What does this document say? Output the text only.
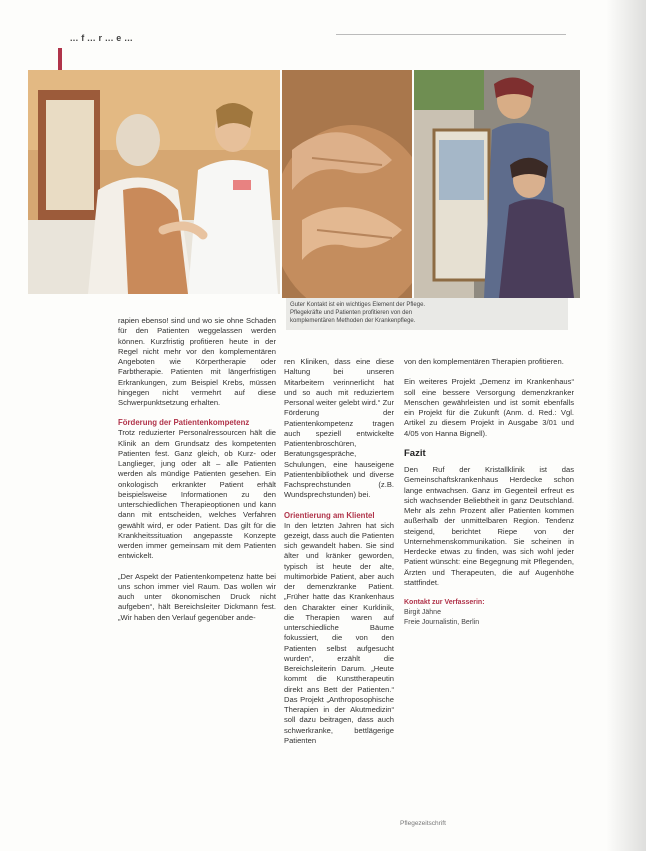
... f ... r ... e ...
Guter Kontakt ist ein wichtiges Element der Pflege.
Pflegekräfte und Patienten profitieren von den
komplementären Methoden der Krankenpflege.

rapien ebenso! sind und wo sie ohne Schaden für den Patienten weggelassen werden können. Kurzfristig profitieren heute in der Regel nicht mehr vor den komplementären Angeboten wie Körpertherapie oder Farbtherapie. Patienten mit längerfristigen Erkrankungen, zum Beispiel Krebs, müssen hingegen nicht vermehrt auf diese Schwerpunktsetzung erhalten.

Förderung der Patientenkompetenz

Trotz reduzierter Personalressourcen hält die Klinik an dem Grundsatz des kompetenten Patienten fest. Ganz gleich, ob Kurz- oder Langlieger, jung oder alt – alle Patienten werden als mündige Patienten gesehen. Ein onkologisch erkrankter Patient erhält beispielsweise Informationen zu den unterschiedlichen Therapieoptionen und kann dann mit entscheiden, welches Verfahren gewählt wird, er oder Patient. Das gilt für die Krankheitssituation angepasste Konzepte werden immer gemeinsam mit dem Patienten entwickelt.

„Der Aspekt der Patientenkompetenz hatte bei uns schon immer viel Raum. Das wollen wir auch unter ökonomischen Druck nicht aufgeben“, hält Bereichsleiter Dickmann fest. „Wir haben den Verlauf gegenüber ande-

ren Kliniken, dass eine diese Haltung bei unseren Mitarbeitern verinnerlicht hat und so auch mit reduziertem Personal weiter gelebt wird.“ Zur Förderung der Patientenkompetenz tragen auch speziell entwickelte Patientenbroschüren, Beratungsgespräche, Schulungen, eine hauseigene Patientenbibliothek und diverse Fachsprechstunden (z.B. Wundsprechstunden) bei.

Orientierung am Klientel

In den letzten Jahren hat sich gezeigt, dass auch die Patienten sich gewandelt haben. Sie sind älter und kränker geworden, typisch ist heute der alte, multimorbide Patient, aber auch der demenzkranke Patient. „Früher hatte das Krankenhaus den Charakter einer Kurklinik, die Therapien waren auf unterschiedliche Bäume fokussiert, die von den Patienten selbst aufgesucht wurden“, erzählt die Bereichsleiterin Darum. „Heute kommt die Kunsttherapeutin direkt ans Bett der Patienten.“ Das Projekt „Anthroposophische Therapien in der Akutmedizin“ soll dazu beitragen, dass auch schwerkranke, bettlägerige Patienten

von den komplementären Therapien profitieren.

Ein weiteres Projekt „Demenz im Krankenhaus“ soll eine bessere Versorgung demenzkranker Menschen gewährleisten und ist somit ebenfalls ein Projekt für die Zukunft (Anm. d. Red.: Vgl. Artikel zu diesem Projekt in Ausgabe 3/01 und 4/05 von Hanna Bignell).

Fazit

Den Ruf der Kristallklinik ist das Gemeinschaftskrankenhaus Herdecke schon lange entwachsen. Ganz im Gegenteil erfreut es sich wachsender Beliebtheit in ganz Deutschland. Mehr als zehn Prozent aller Patienten kommen außerhalb der unmittelbaren Region. Tendenz steigend, berichtet Riepe von der Unternehmenskommunikation. Sie scheinen in Herdecke etwas zu finden, was sich wohl jeder Patient wünscht: eine Begegnung mit Pflegenden, Ärzten und Therapeuten, die auf Augenhöhe stattfindet.

Kontakt zur Verfasserin:
Birgit Jähne
Freie Journalistin, Berlin
Pflegezeitschrift
